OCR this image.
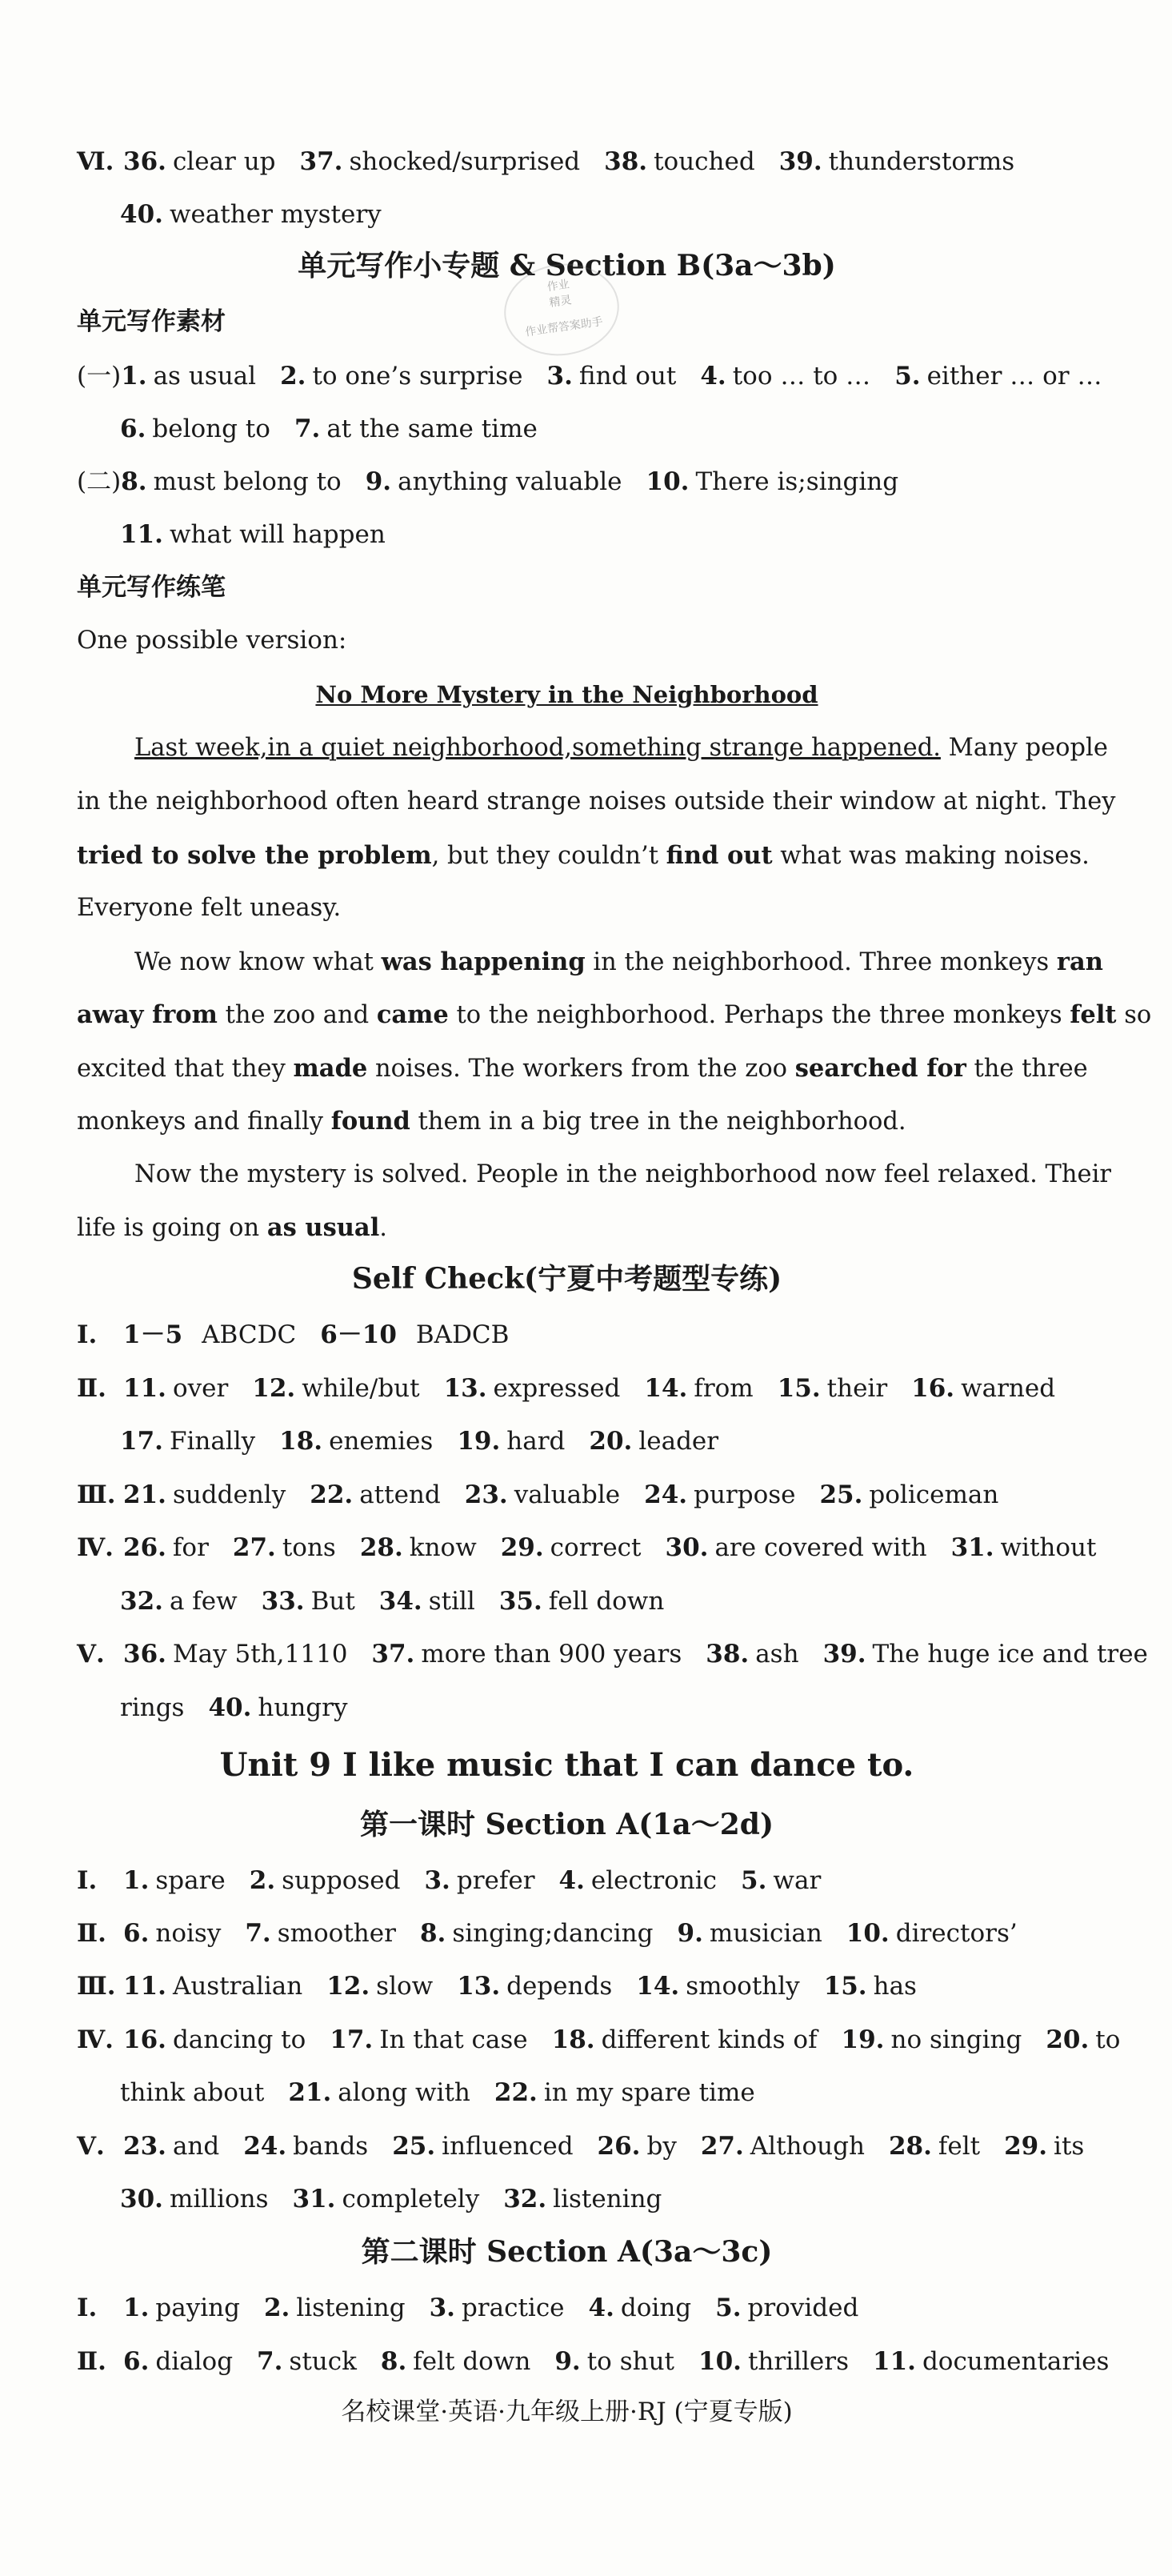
Ⅵ. 36. clear up 37. shocked/surprised 38. touched 39. thunderstorms
40. weather mystery
单元写作小专题 & Section B(3a～3b)
作业
精灵
作业帮答案助手
单元写作素材
(一)1. as usual 2. to one’s surprise 3. find out 4. too … to … 5. either … or …
6. belong to 7. at the same time
(二)8. must belong to 9. anything valuable 10. There is;singing
11. what will happen
单元写作练笔
One possible version:
No More Mystery in the Neighborhood
Last week,in a quiet neighborhood,something strange happened. Many people
in the neighborhood often heard strange noises outside their window at night. They
tried to solve the problem, but they couldn’t find out what was making noises.
Everyone felt uneasy.
We now know what was happening in the neighborhood. Three monkeys ran
away from the zoo and came to the neighborhood. Perhaps the three monkeys felt so
excited that they made noises. The workers from the zoo searched for the three
monkeys and finally found them in a big tree in the neighborhood.
Now the mystery is solved. People in the neighborhood now feel relaxed. Their
life is going on as usual.
Self Check(宁夏中考题型专练)
Ⅰ. 1－5 ABCDC 6－10 BADCB
Ⅱ. 11. over 12. while/but 13. expressed 14. from 15. their 16. warned
17. Finally 18. enemies 19. hard 20. leader
Ⅲ. 21. suddenly 22. attend 23. valuable 24. purpose 25. policeman
Ⅳ. 26. for 27. tons 28. know 29. correct 30. are covered with 31. without
32. a few 33. But 34. still 35. fell down
Ⅴ. 36. May 5th,1110 37. more than 900 years 38. ash 39. The huge ice and tree
rings 40. hungry
Unit 9 I like music that I can dance to.
第一课时 Section A(1a～2d)
Ⅰ. 1. spare 2. supposed 3. prefer 4. electronic 5. war
Ⅱ. 6. noisy 7. smoother 8. singing;dancing 9. musician 10. directors’
Ⅲ. 11. Australian 12. slow 13. depends 14. smoothly 15. has
Ⅳ. 16. dancing to 17. In that case 18. different kinds of 19. no singing 20. to
think about 21. along with 22. in my spare time
Ⅴ. 23. and 24. bands 25. influenced 26. by 27. Although 28. felt 29. its
30. millions 31. completely 32. listening
第二课时 Section A(3a～3c)
Ⅰ. 1. paying 2. listening 3. practice 4. doing 5. provided
Ⅱ. 6. dialog 7. stuck 8. felt down 9. to shut 10. thrillers 11. documentaries
名校课堂·英语·九年级上册·RJ (宁夏专版)
